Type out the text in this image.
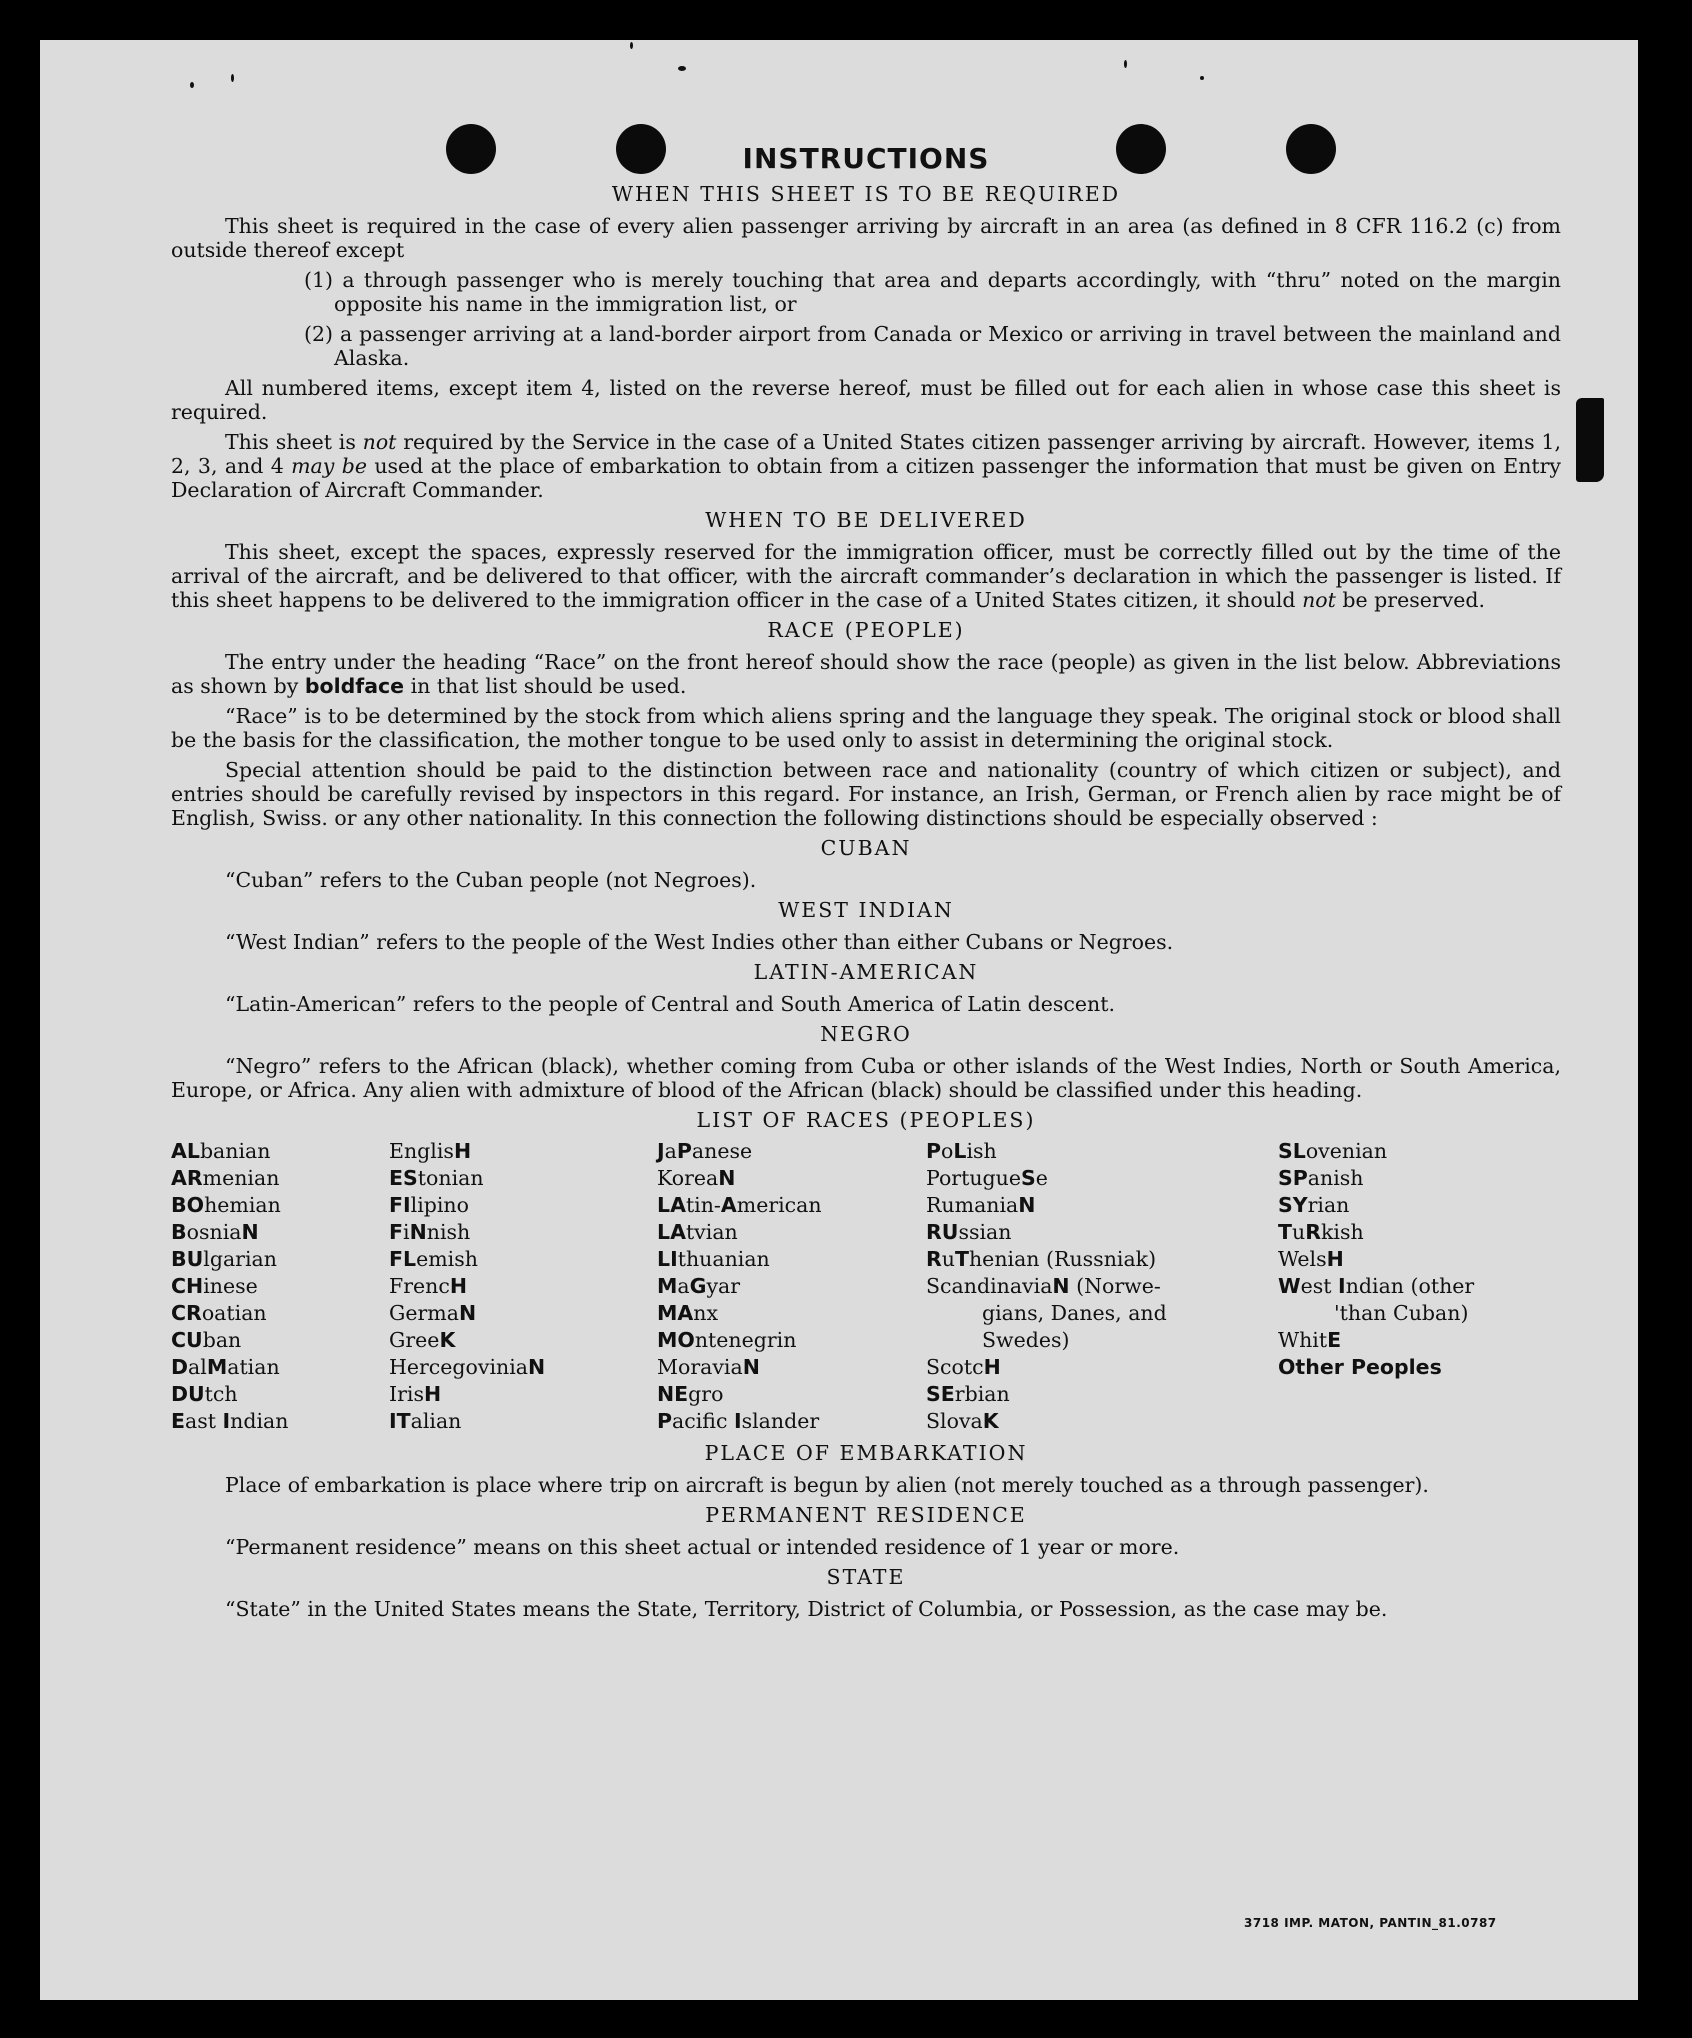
INSTRUCTIONS
WHEN THIS SHEET IS TO BE REQUIRED

This sheet is required in the case of every alien passenger arriving by aircraft in an area (as defined in 8 CFR 116.2 (c) from outside thereof except

(1) a through passenger who is merely touching that area and departs accordingly, with “thru” noted on the margin opposite his name in the immigration list, or

(2) a passenger arriving at a land-border airport from Canada or Mexico or arriving in travel between the mainland and Alaska.

All numbered items, except item 4, listed on the reverse hereof, must be filled out for each alien in whose case this sheet is required.

This sheet is not required by the Service in the case of a United States citizen passenger arriving by aircraft. However, items 1, 2, 3, and 4 may be used at the place of embarkation to obtain from a citizen passenger the information that must be given on Entry Declaration of Aircraft Commander.

WHEN TO BE DELIVERED

This sheet, except the spaces, expressly reserved for the immigration officer, must be correctly filled out by the time of the arrival of the aircraft, and be delivered to that officer, with the aircraft commander’s declaration in which the passenger is listed. If this sheet happens to be delivered to the immigration officer in the case of a United States citizen, it should not be preserved.

RACE (PEOPLE)

The entry under the heading “Race” on the front hereof should show the race (people) as given in the list below. Abbreviations as shown by boldface in that list should be used.

“Race” is to be determined by the stock from which aliens spring and the language they speak. The original stock or blood shall be the basis for the classification, the mother tongue to be used only to assist in determining the original stock.

Special attention should be paid to the distinction between race and nationality (country of which citizen or subject), and entries should be carefully revised by inspectors in this regard. For instance, an Irish, German, or French alien by race might be of English, Swiss. or any other nationality. In this connection the following distinctions should be especially observed :

CUBAN

“Cuban” refers to the Cuban people (not Negroes).

WEST INDIAN

“West Indian” refers to the people of the West Indies other than either Cubans or Negroes.

LATIN-AMERICAN

“Latin-American” refers to the people of Central and South America of Latin descent.

NEGRO

“Negro” refers to the African (black), whether coming from Cuba or other islands of the West Indies, North or South America, Europe, or Africa. Any alien with admixture of blood of the African (black) should be classified under this heading.

LIST OF RACES (PEOPLES)
ALbanian
ARmenian
BOhemian
BosniaN
BUlgarian
CHinese
CRoatian
CUban
DalMatian
DUtch
East Indian
EnglisH
EStonian
FIlipino
FiNnish
FLemish
FrencH
GermaN
GreeK
HercegoviniaN
IrisH
ITalian
JaPanese
KoreaN
LAtin-American
LAtvian
LIthuanian
MaGyar
MAnx
MOntenegrin
MoraviaN
NEgro
Pacific Islander
PoLish
PortugueSe
RumaniaN
RUssian
RuThenian (Russniak)
ScandinaviaN (Norwe-
gians, Danes, and
Swedes)
ScotcH
SErbian
SlovaK
SLovenian
SPanish
SYrian
TuRkish
WelsH
West Indian (other
'than Cuban)
WhitE
Other Peoples
PLACE OF EMBARKATION

Place of embarkation is place where trip on aircraft is begun by alien (not merely touched as a through passenger).

PERMANENT RESIDENCE

“Permanent residence” means on this sheet actual or intended residence of 1 year or more.

STATE

“State” in the United States means the State, Territory, District of Columbia, or Possession, as the case may be.

3718 IMP. MATON, PANTIN_81.0787
